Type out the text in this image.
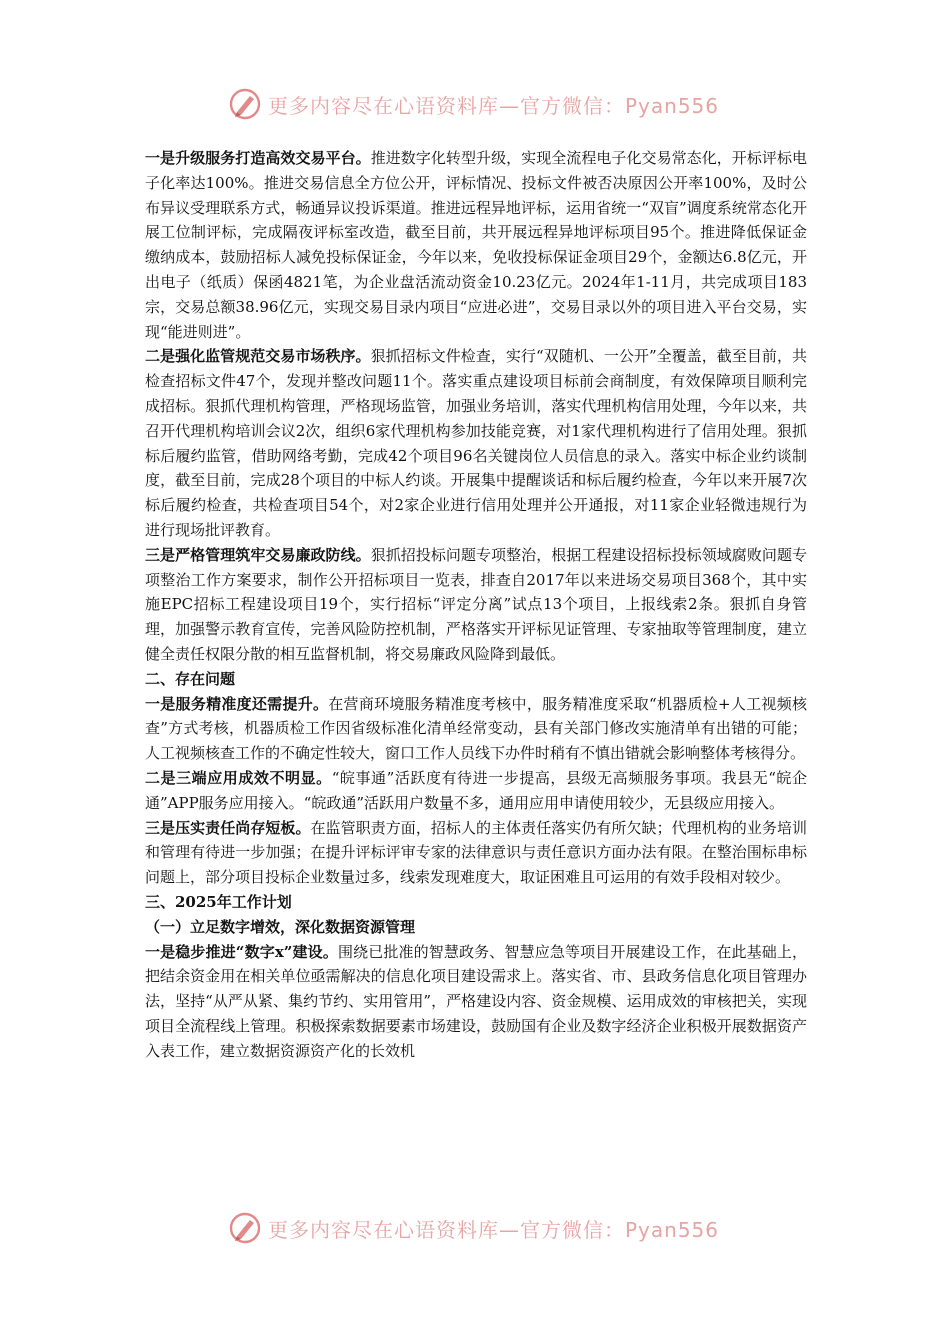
更多内容尽在心语资料库—官方微信：Pyan556

一是升级服务打造高效交易平台。推进数字化转型升级，实现全流程电子化交易常态化，开标评标电子化率达100%。推进交易信息全方位公开，评标情况、投标文件被否决原因公开率100%，及时公布异议受理联系方式，畅通异议投诉渠道。推进远程异地评标，运用省统一“双盲”调度系统常态化开展工位制评标，完成隔夜评标室改造，截至目前，共开展远程异地评标项目95个。推进降低保证金缴纳成本，鼓励招标人减免投标保证金，今年以来，免收投标保证金项目29个，金额达6.8亿元，开出电子（纸质）保函4821笔，为企业盘活流动资金10.23亿元。2024年1-11月，共完成项目183宗，交易总额38.96亿元，实现交易目录内项目“应进必进”，交易目录以外的项目进入平台交易，实现“能进则进”。

二是强化监管规范交易市场秩序。狠抓招标文件检查，实行“双随机、一公开”全覆盖，截至目前，共检查招标文件47个，发现并整改问题11个。落实重点建设项目标前会商制度，有效保障项目顺利完成招标。狠抓代理机构管理，严格现场监管，加强业务培训，落实代理机构信用处理，今年以来，共召开代理机构培训会议2次，组织6家代理机构参加技能竞赛，对1家代理机构进行了信用处理。狠抓标后履约监管，借助网络考勤，完成42个项目96名关键岗位人员信息的录入。落实中标企业约谈制度，截至目前，完成28个项目的中标人约谈。开展集中提醒谈话和标后履约检查，今年以来开展7次标后履约检查，共检查项目54个，对2家企业进行信用处理并公开通报，对11家企业轻微违规行为进行现场批评教育。

三是严格管理筑牢交易廉政防线。狠抓招投标问题专项整治，根据工程建设招标投标领域腐败问题专项整治工作方案要求，制作公开招标项目一览表，排查自2017年以来进场交易项目368个，其中实施EPC招标工程建设项目19个，实行招标“评定分离”试点13个项目，上报线索2条。狠抓自身管理，加强警示教育宣传，完善风险防控机制，严格落实开评标见证管理、专家抽取等管理制度，建立健全责任权限分散的相互监督机制，将交易廉政风险降到最低。

二、存在问题

一是服务精准度还需提升。在营商环境服务精准度考核中，服务精准度采取“机器质检+人工视频核查”方式考核，机器质检工作因省级标准化清单经常变动，县有关部门修改实施清单有出错的可能；人工视频核查工作的不确定性较大，窗口工作人员线下办件时稍有不慎出错就会影响整体考核得分。

二是三端应用成效不明显。“皖事通”活跃度有待进一步提高，县级无高频服务事项。我县无“皖企通”APP服务应用接入。“皖政通”活跃用户数量不多，通用应用申请使用较少，无县级应用接入。

三是压实责任尚存短板。在监管职责方面，招标人的主体责任落实仍有所欠缺；代理机构的业务培训和管理有待进一步加强；在提升评标评审专家的法律意识与责任意识方面办法有限。在整治围标串标问题上，部分项目投标企业数量过多，线索发现难度大，取证困难且可运用的有效手段相对较少。

三、2025年工作计划

（一）立足数字增效，深化数据资源管理

一是稳步推进“数字x”建设。围绕已批准的智慧政务、智慧应急等项目开展建设工作，在此基础上，把结余资金用在相关单位亟需解决的信息化项目建设需求上。落实省、市、县政务信息化项目管理办法，坚持“从严从紧、集约节约、实用管用”，严格建设内容、资金规模、运用成效的审核把关，实现项目全流程线上管理。积极探索数据要素市场建设，鼓励国有企业及数字经济企业积极开展数据资产入表工作，建立数据资源资产化的长效机

更多内容尽在心语资料库—官方微信：Pyan556
